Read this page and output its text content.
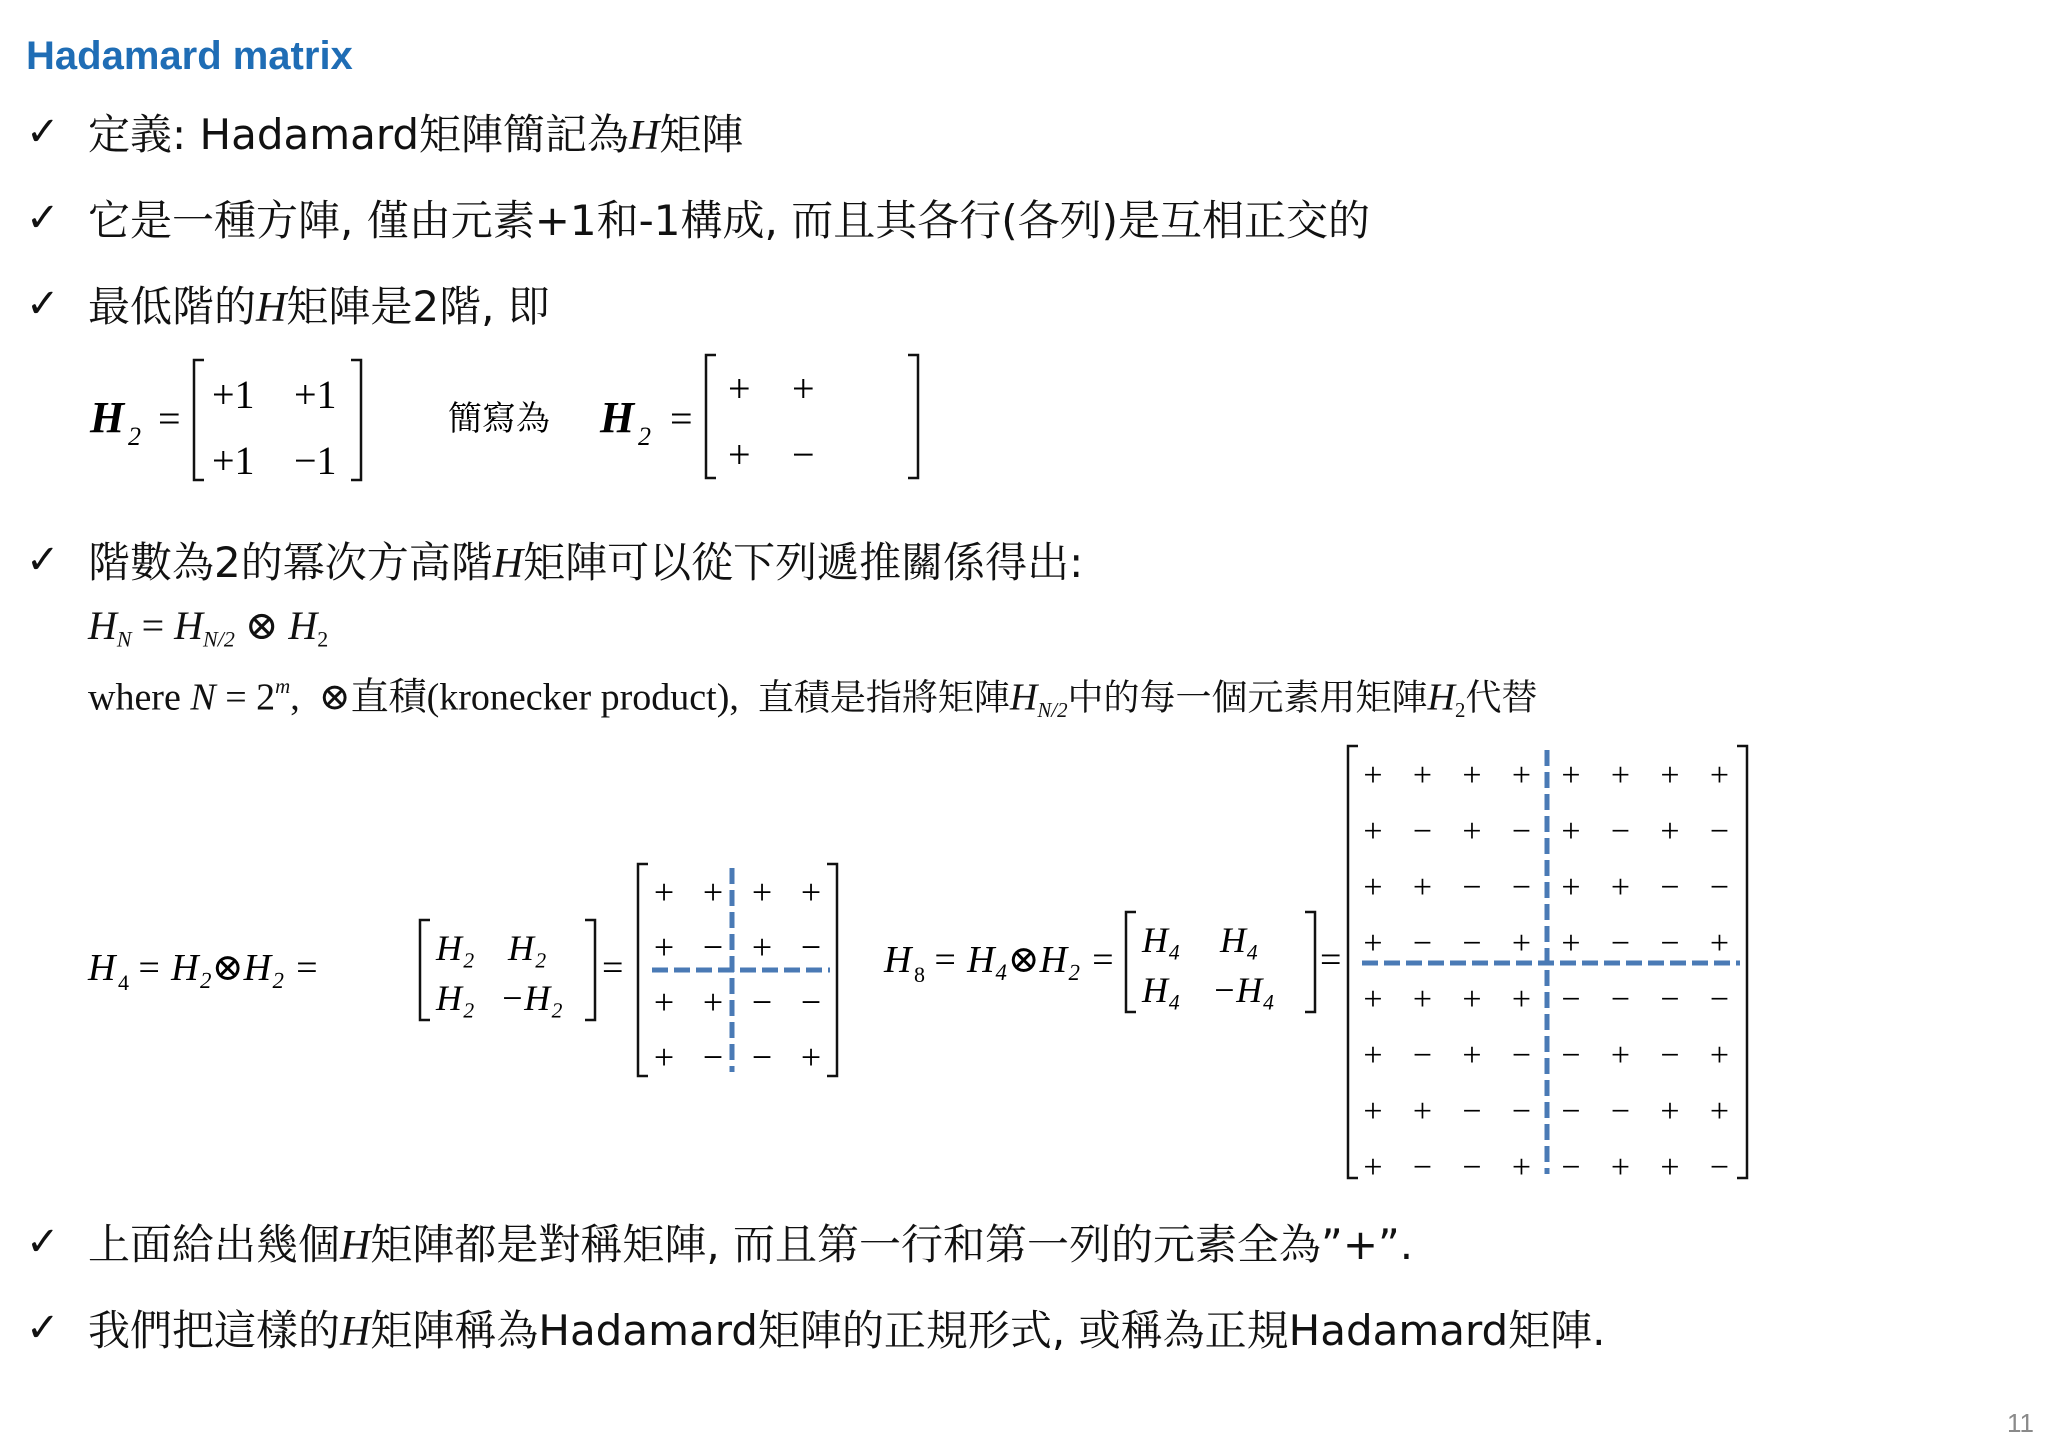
Hadamard matrix
✓ 定義: Hadamard矩陣簡記為H矩陣
✓ 它是一種方陣, 僅由元素+1和-1構成, 而且其各行(各列)是互相正交的
✓ 最低階的H矩陣是2階, 即
H 2 =
+1 +1
+1 −1
簡寫為 H 2 =
+ +
+ −
✓ 階數為2的冪次方高階H矩陣可以從下列遞推關係得出:
$H_N = H_{N/2}$ ⊗ $H_2$
where $N = 2^m$, ⊗直積(kronecker product), 直積是指將矩陣$H_{N/2}$中的每一個元素用矩陣$H_2$代替
H 4 = H₂⊗H₂ =	H₂ H₂
H₂ −H₂
=
+ + + +
+ − + −
+ + − −
+ − − +
H 8 = H₄⊗H₂ = H₄ H₄
H₄ −H₄
=
+ + + + + + + +
+ − + − + − + −
+ + − − + + − −
+ − − + + − − +
+ + + + − − − −
+ − + − − + − +
+ + − − − − + +
+ − − + − + + −
✓ 上面給出幾個H矩陣都是對稱矩陣, 而且第一行和第一列的元素全為”+”.
✓ 我們把這樣的H矩陣稱為Hadamard矩陣的正規形式, 或稱為正規Hadamard矩陣.
11
